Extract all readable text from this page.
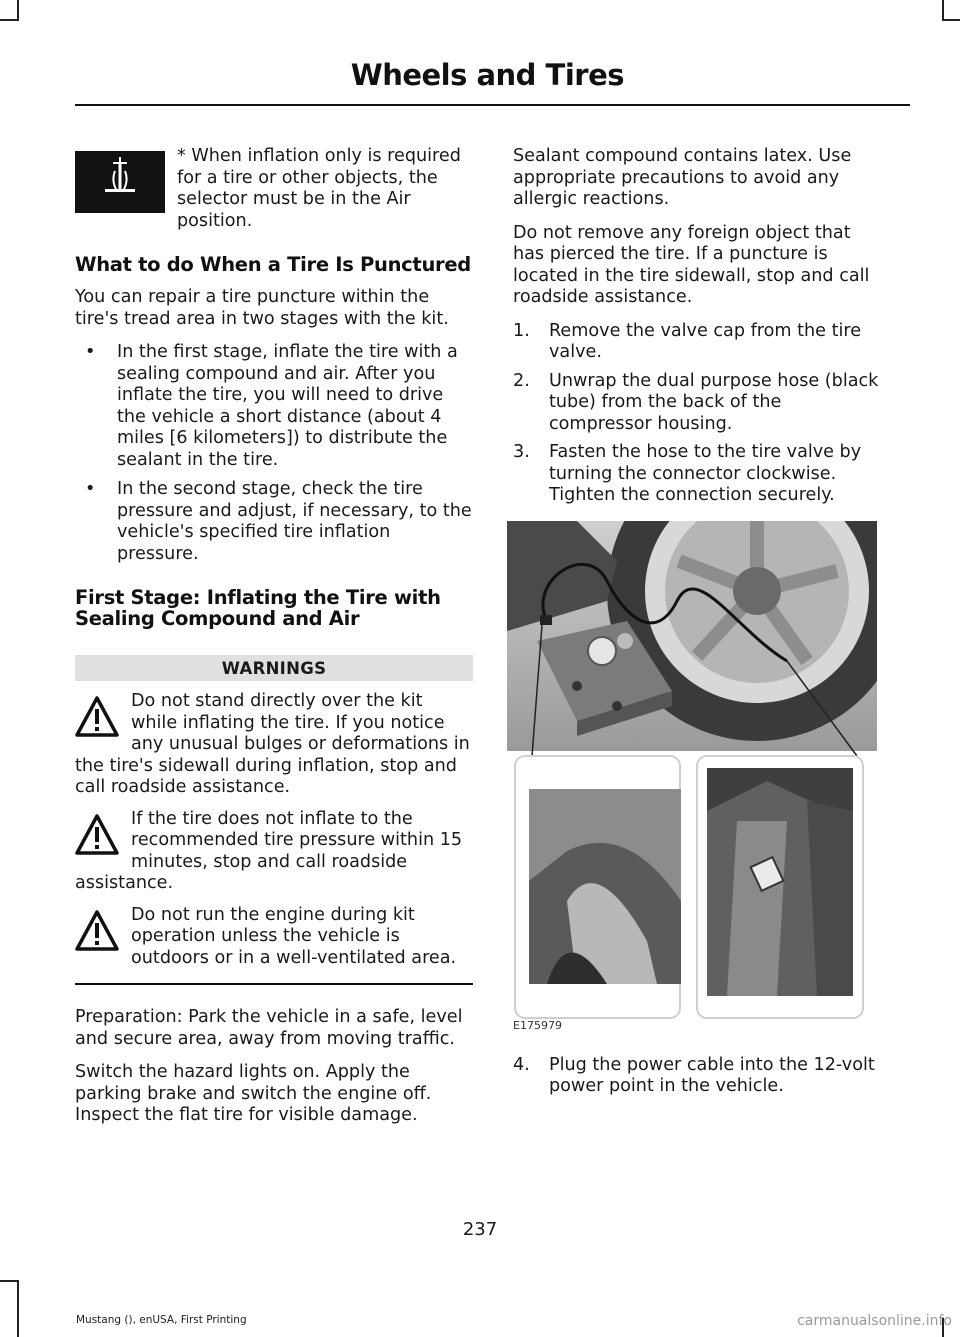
Wheels and Tires

* When inflation only is required for a tire or other objects, the selector must be in the Air position.

What to do When a Tire Is Punctured

You can repair a tire puncture within the tire's tread area in two stages with the kit.

• In the first stage, inflate the tire with a sealing compound and air. After you inflate the tire, you will need to drive the vehicle a short distance (about 4 miles [6 kilometers]) to distribute the sealant in the tire.
• In the second stage, check the tire pressure and adjust, if necessary, to the vehicle's specified tire inflation pressure.
First Stage: Inflating the Tire with Sealing Compound and Air
WARNINGS

Do not stand directly over the kit while inflating the tire. If you notice any unusual bulges or deformations in the tire's sidewall during inflation, stop and call roadside assistance.

If the tire does not inflate to the recommended tire pressure within 15 minutes, stop and call roadside assistance.

Do not run the engine during kit operation unless the vehicle is outdoors or in a well-ventilated area.

Preparation: Park the vehicle in a safe, level and secure area, away from moving traffic.

Switch the hazard lights on. Apply the parking brake and switch the engine off. Inspect the flat tire for visible damage.

Sealant compound contains latex. Use appropriate precautions to avoid any allergic reactions.

Do not remove any foreign object that has pierced the tire. If a puncture is located in the tire sidewall, stop and call roadside assistance.

1. Remove the valve cap from the tire valve.
2. Unwrap the dual purpose hose (black tube) from the back of the compressor housing.
3. Fasten the hose to the tire valve by turning the connector clockwise. Tighten the connection securely.
E175979
4. Plug the power cable into the 12-volt power point in the vehicle.
237
Mustang (), enUSA, First Printing	carmanualsonline.info
